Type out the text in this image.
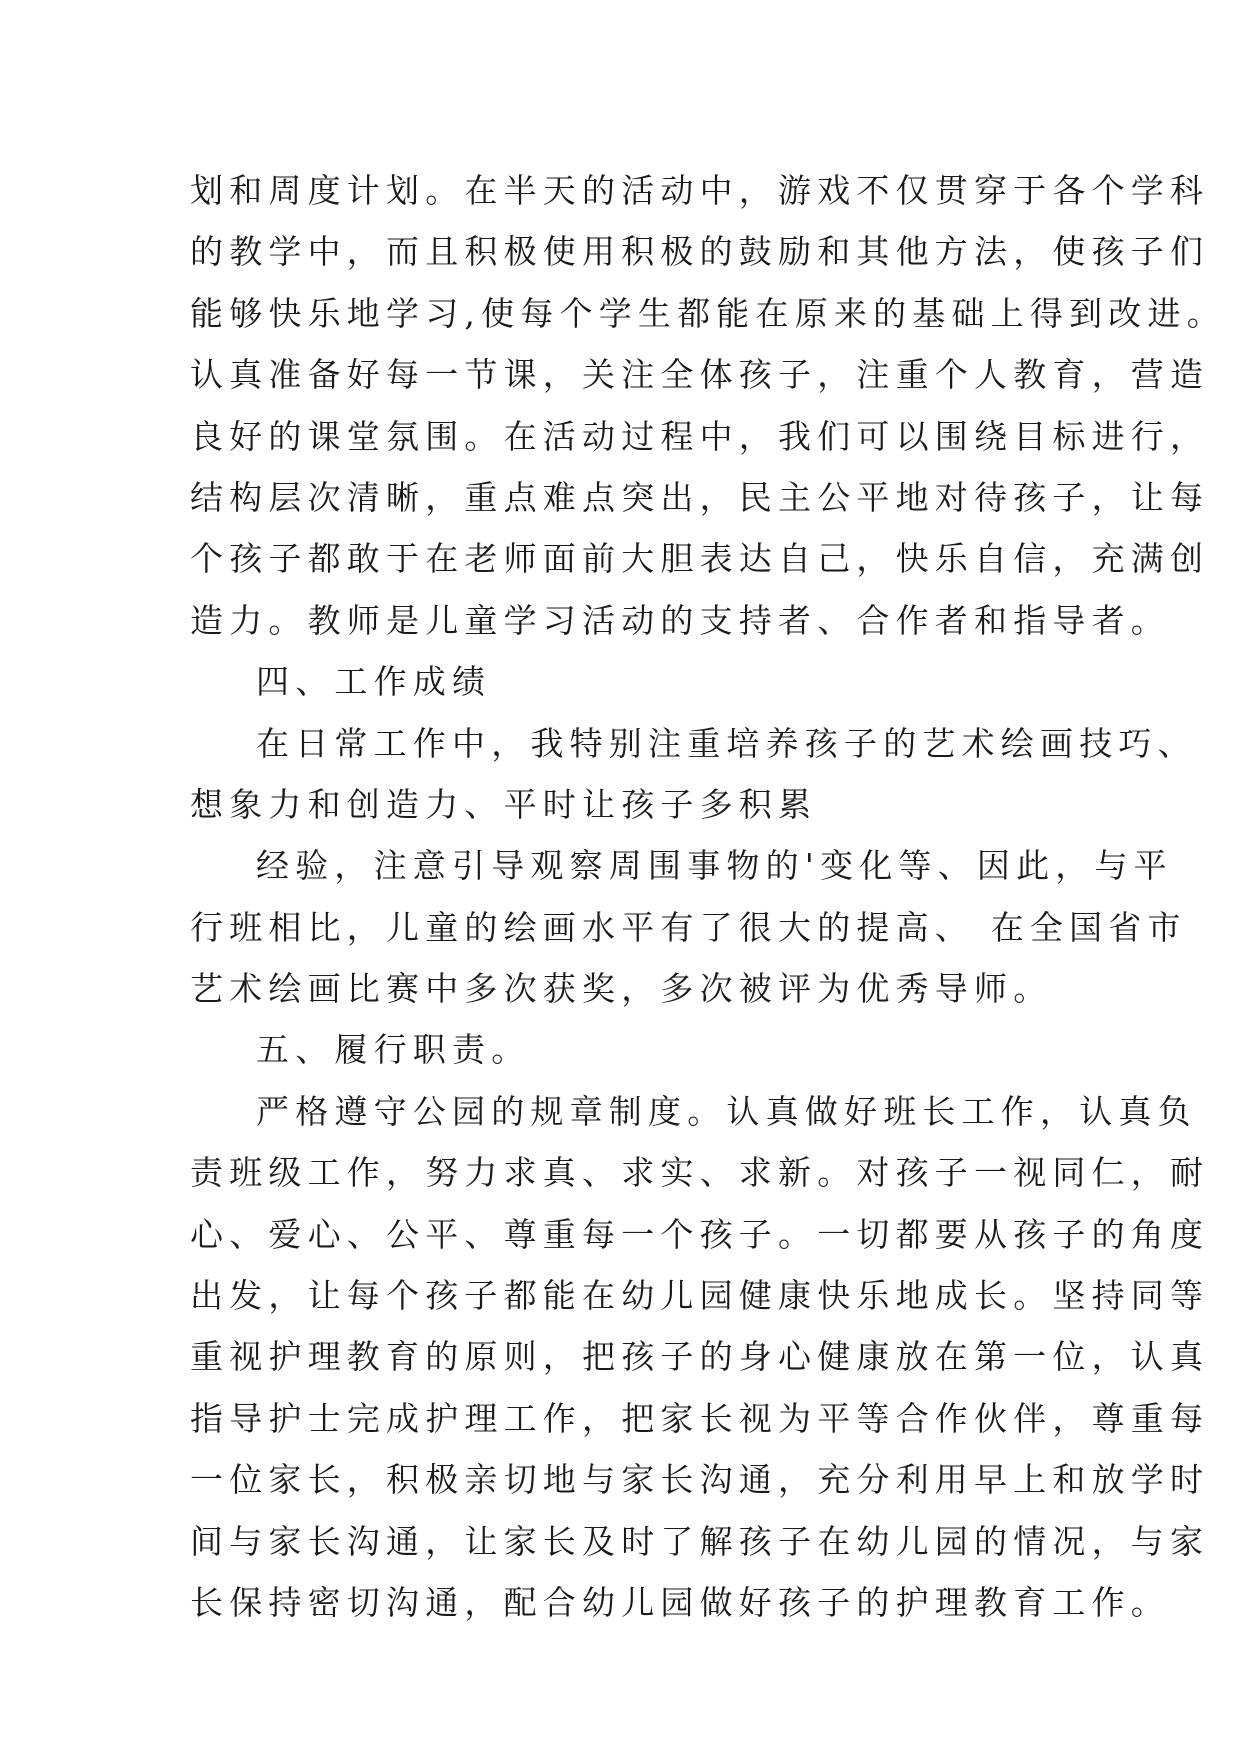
划和周度计划。在半天的活动中，游戏不仅贯穿于各个学科
的教学中，而且积极使用积极的鼓励和其他方法，使孩子们
能够快乐地学习,使每个学生都能在原来的基础上得到改进。
认真准备好每一节课，关注全体孩子，注重个人教育，营造
良好的课堂氛围。在活动过程中，我们可以围绕目标进行，
结构层次清晰，重点难点突出，民主公平地对待孩子，让每
个孩子都敢于在老师面前大胆表达自己，快乐自信，充满创
造力。教师是儿童学习活动的支持者、合作者和指导者。
四、工作成绩
在日常工作中，我特别注重培养孩子的艺术绘画技巧、
想象力和创造力、平时让孩子多积累
经验，注意引导观察周围事物的'变化等、因此，与平
行班相比，儿童的绘画水平有了很大的提高、 在全国省市
艺术绘画比赛中多次获奖，多次被评为优秀导师。
五、履行职责。
严格遵守公园的规章制度。认真做好班长工作，认真负
责班级工作，努力求真、求实、求新。对孩子一视同仁，耐
心、爱心、公平、尊重每一个孩子。一切都要从孩子的角度
出发，让每个孩子都能在幼儿园健康快乐地成长。坚持同等
重视护理教育的原则，把孩子的身心健康放在第一位，认真
指导护士完成护理工作，把家长视为平等合作伙伴，尊重每
一位家长，积极亲切地与家长沟通，充分利用早上和放学时
间与家长沟通，让家长及时了解孩子在幼儿园的情况，与家
长保持密切沟通，配合幼儿园做好孩子的护理教育工作。
